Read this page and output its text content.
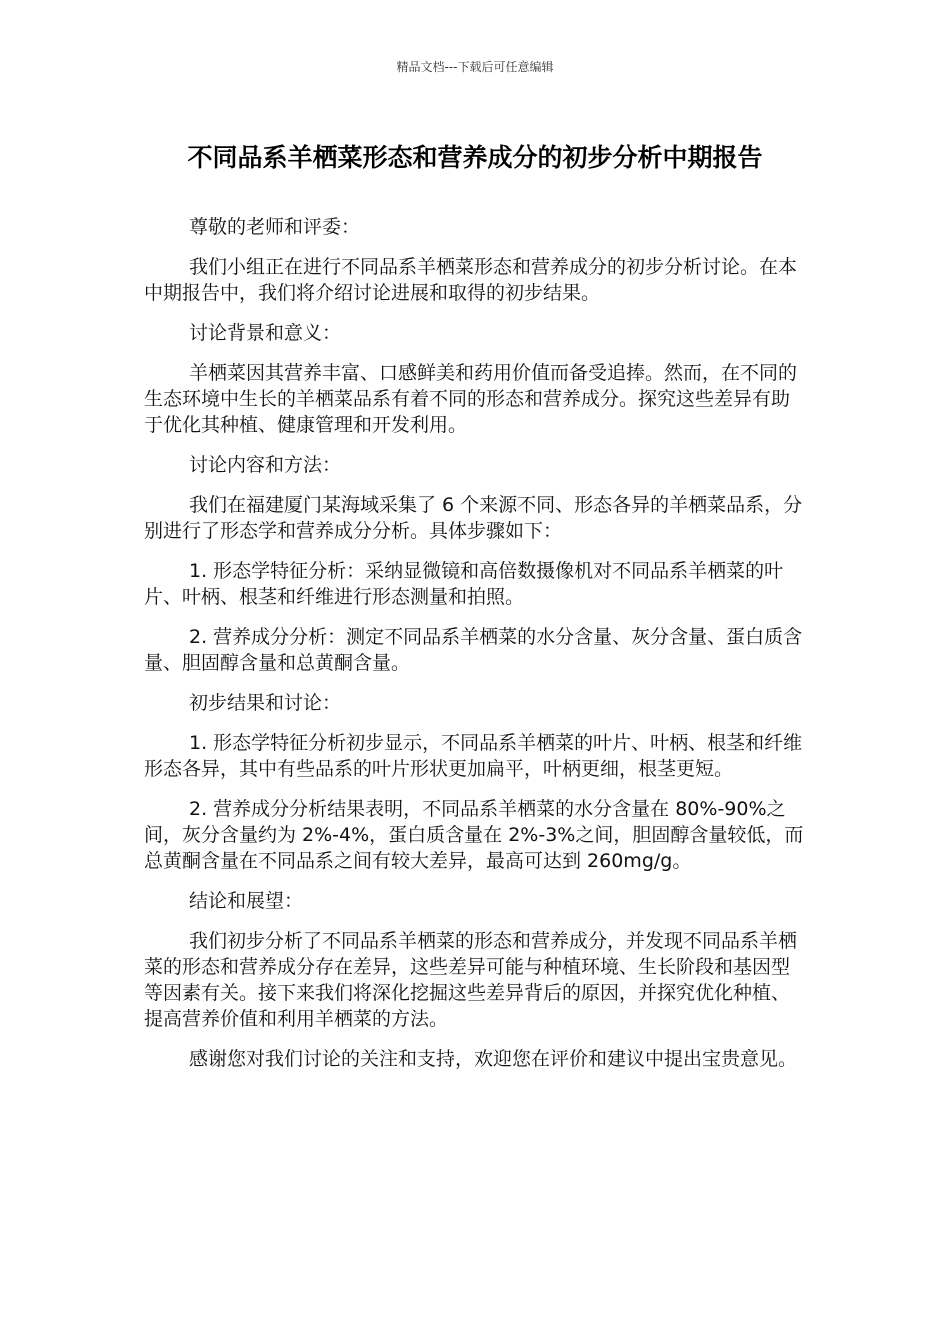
精品文档---下载后可任意编辑
不同品系羊栖菜形态和营养成分的初步分析中期报告

尊敬的老师和评委：

我们小组正在进行不同品系羊栖菜形态和营养成分的初步分析讨论。在本中期报告中，我们将介绍讨论进展和取得的初步结果。

讨论背景和意义：

羊栖菜因其营养丰富、口感鲜美和药用价值而备受追捧。然而，在不同的生态环境中生长的羊栖菜品系有着不同的形态和营养成分。探究这些差异有助于优化其种植、健康管理和开发利用。

讨论内容和方法：

我们在福建厦门某海域采集了 6 个来源不同、形态各异的羊栖菜品系，分别进行了形态学和营养成分分析。具体步骤如下：

1. 形态学特征分析：采纳显微镜和高倍数摄像机对不同品系羊栖菜的叶片、叶柄、根茎和纤维进行形态测量和拍照。

2. 营养成分分析：测定不同品系羊栖菜的水分含量、灰分含量、蛋白质含量、胆固醇含量和总黄酮含量。

初步结果和讨论：

1. 形态学特征分析初步显示，不同品系羊栖菜的叶片、叶柄、根茎和纤维形态各异，其中有些品系的叶片形状更加扁平，叶柄更细，根茎更短。

2. 营养成分分析结果表明，不同品系羊栖菜的水分含量在 80%-90%之间，灰分含量约为 2%-4%，蛋白质含量在 2%-3%之间，胆固醇含量较低，而总黄酮含量在不同品系之间有较大差异，最高可达到 260mg/g。

结论和展望：

我们初步分析了不同品系羊栖菜的形态和营养成分，并发现不同品系羊栖菜的形态和营养成分存在差异，这些差异可能与种植环境、生长阶段和基因型等因素有关。接下来我们将深化挖掘这些差异背后的原因，并探究优化种植、提高营养价值和利用羊栖菜的方法。

感谢您对我们讨论的关注和支持，欢迎您在评价和建议中提出宝贵意见。
